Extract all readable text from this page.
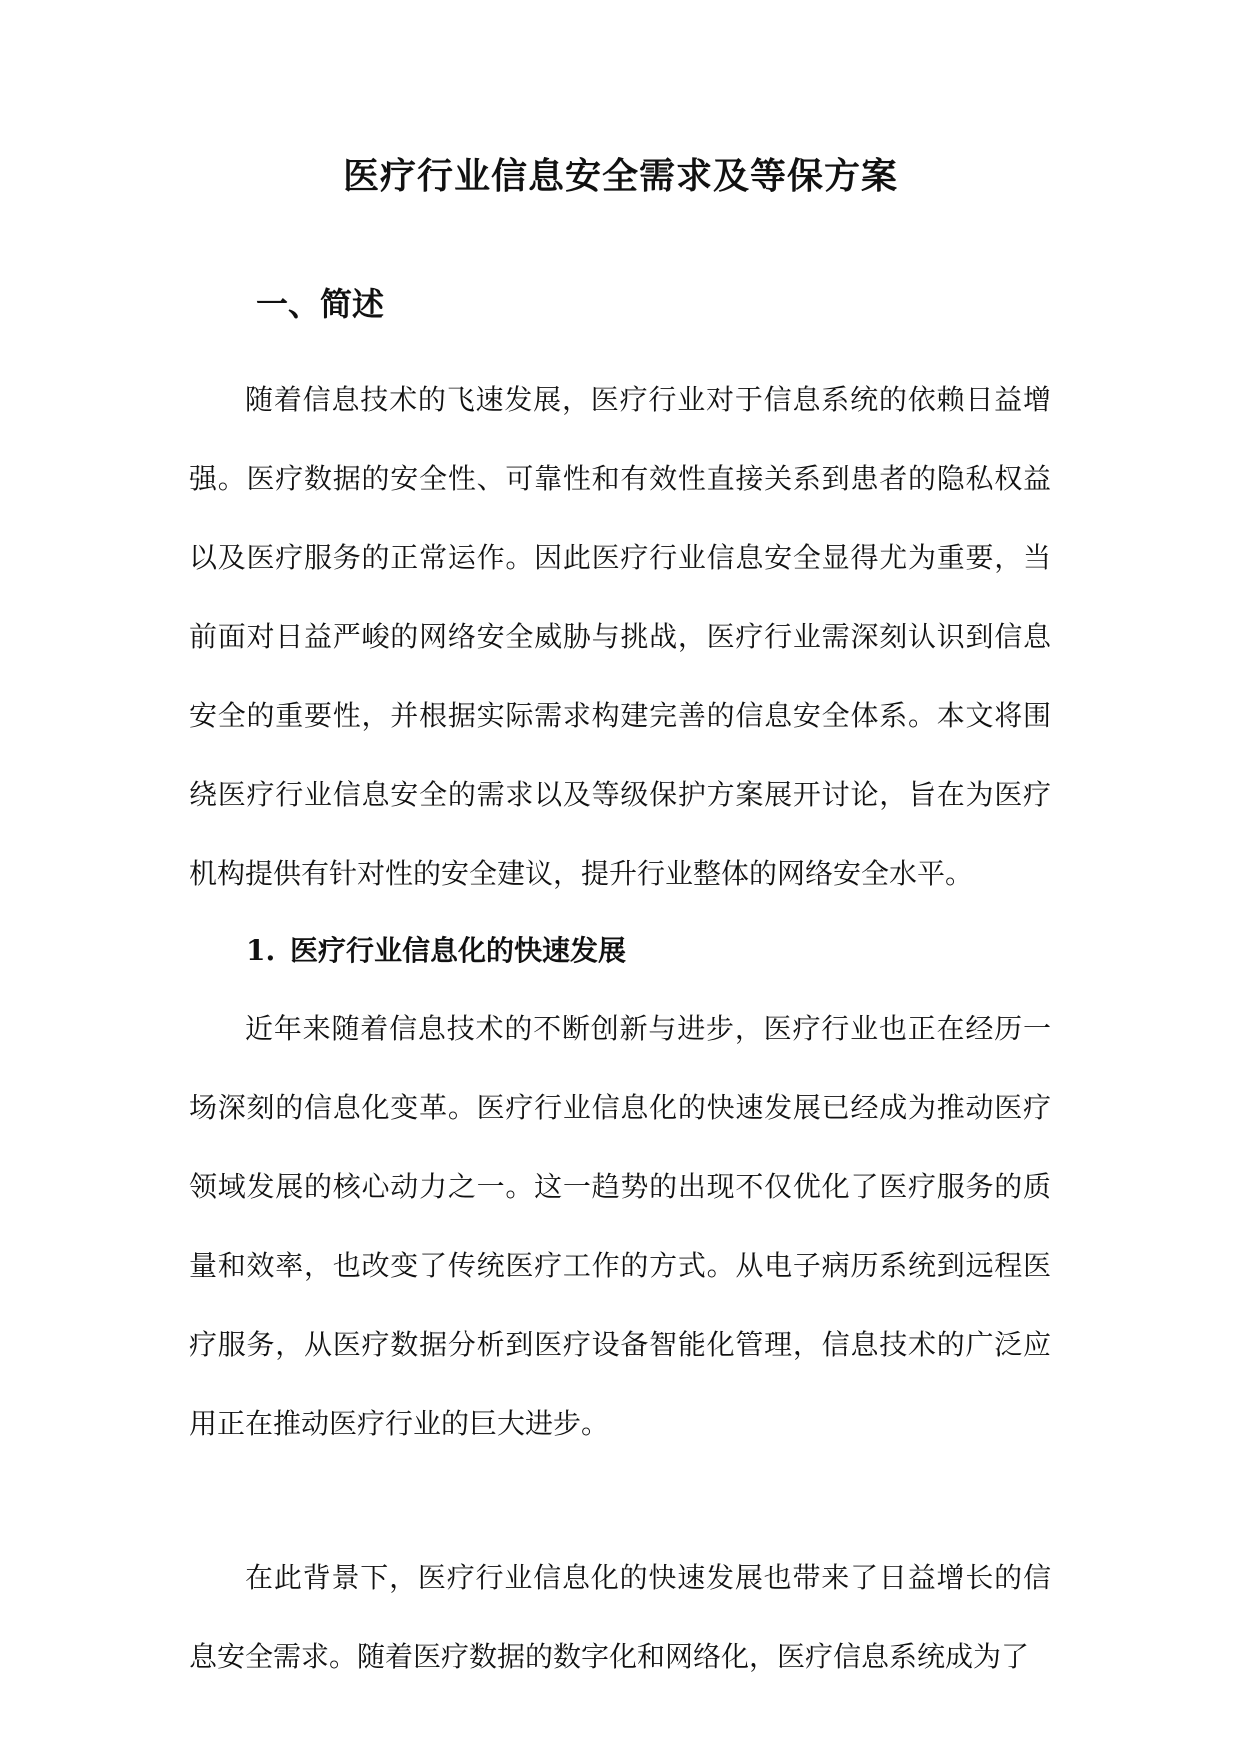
医疗行业信息安全需求及等保方案
一、简述

随着信息技术的飞速发展，医疗行业对于信息系统的依赖日益增强。医疗数据的安全性、可靠性和有效性直接关系到患者的隐私权益以及医疗服务的正常运作。因此医疗行业信息安全显得尤为重要，当前面对日益严峻的网络安全威胁与挑战，医疗行业需深刻认识到信息安全的重要性，并根据实际需求构建完善的信息安全体系。本文将围绕医疗行业信息安全的需求以及等级保护方案展开讨论，旨在为医疗机构提供有针对性的安全建议，提升行业整体的网络安全水平。

1. 医疗行业信息化的快速发展

近年来随着信息技术的不断创新与进步，医疗行业也正在经历一场深刻的信息化变革。医疗行业信息化的快速发展已经成为推动医疗领域发展的核心动力之一。这一趋势的出现不仅优化了医疗服务的质量和效率，也改变了传统医疗工作的方式。从电子病历系统到远程医疗服务，从医疗数据分析到医疗设备智能化管理，信息技术的广泛应用正在推动医疗行业的巨大进步。

在此背景下，医疗行业信息化的快速发展也带来了日益增长的信息安全需求。随着医疗数据的数字化和网络化，医疗信息系统成为了
